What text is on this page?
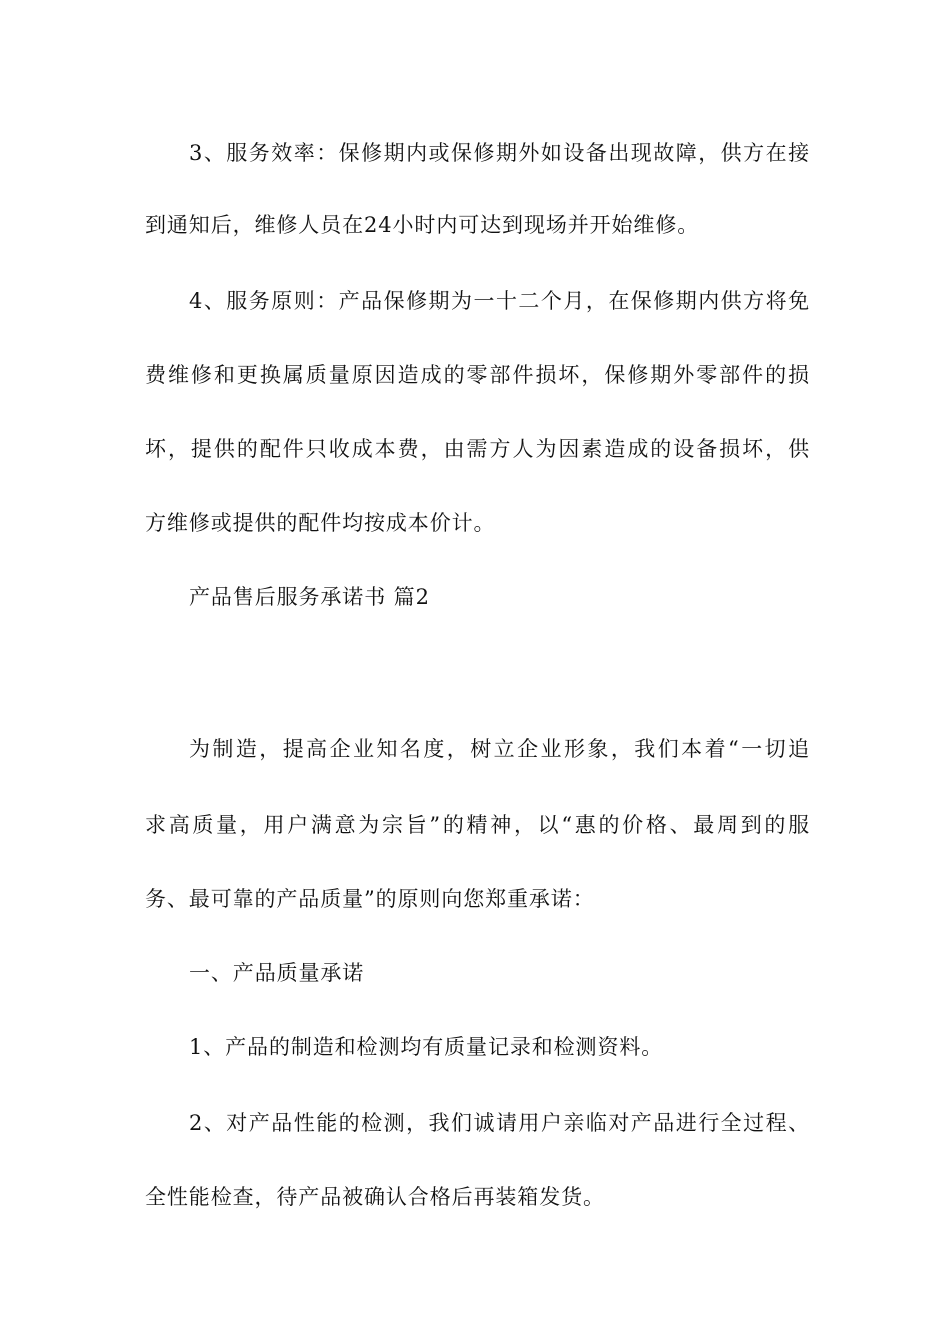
3、服务效率：保修期内或保修期外如设备出现故障，供方在接
到通知后，维修人员在24小时内可达到现场并开始维修。
4、服务原则：产品保修期为一十二个月，在保修期内供方将免
费维修和更换属质量原因造成的零部件损坏，保修期外零部件的损
坏，提供的配件只收成本费，由需方人为因素造成的设备损坏，供
方维修或提供的配件均按成本价计。
产品售后服务承诺书 篇2
为制造，提高企业知名度，树立企业形象，我们本着“一切追
求高质量，用户满意为宗旨”的精神，以“惠的价格、最周到的服
务、最可靠的产品质量”的原则向您郑重承诺：
一、产品质量承诺
1、产品的制造和检测均有质量记录和检测资料。
2、对产品性能的检测，我们诚请用户亲临对产品进行全过程、
全性能检查，待产品被确认合格后再装箱发货。
